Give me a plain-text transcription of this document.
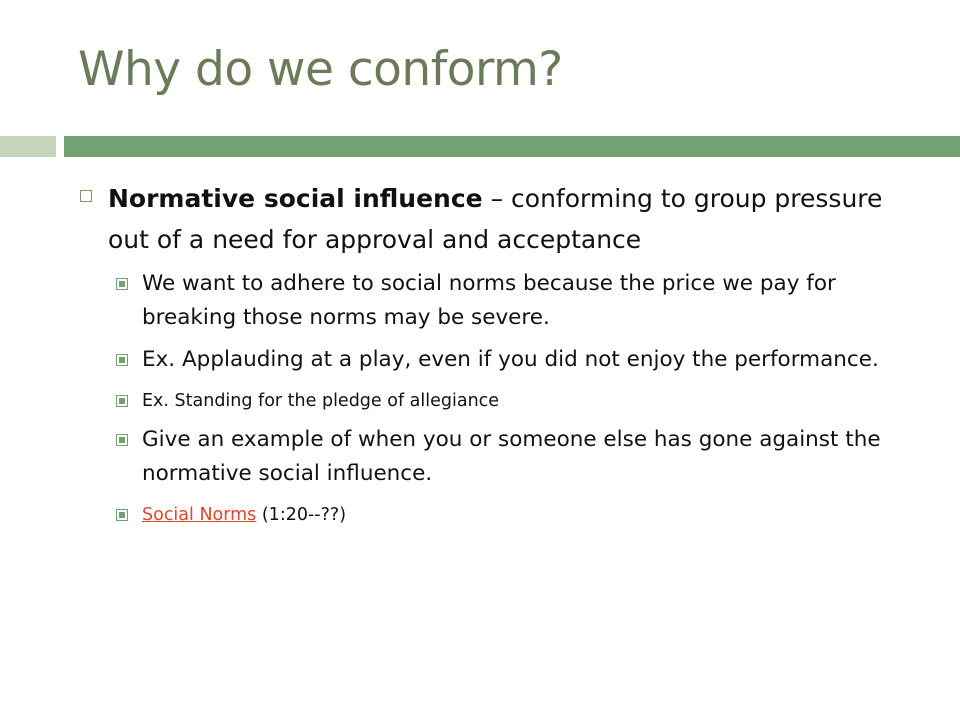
Why do we conform?
Normative social influence – conforming to group pressure out of a need for approval and acceptance
We want to adhere to social norms because the price we pay for breaking those norms may be severe.
Ex. Applauding at a play, even if you did not enjoy the performance.
Ex. Standing for the pledge of allegiance
Give an example of when you or someone else has gone against the normative social influence.
Social Norms (1:20--??)
